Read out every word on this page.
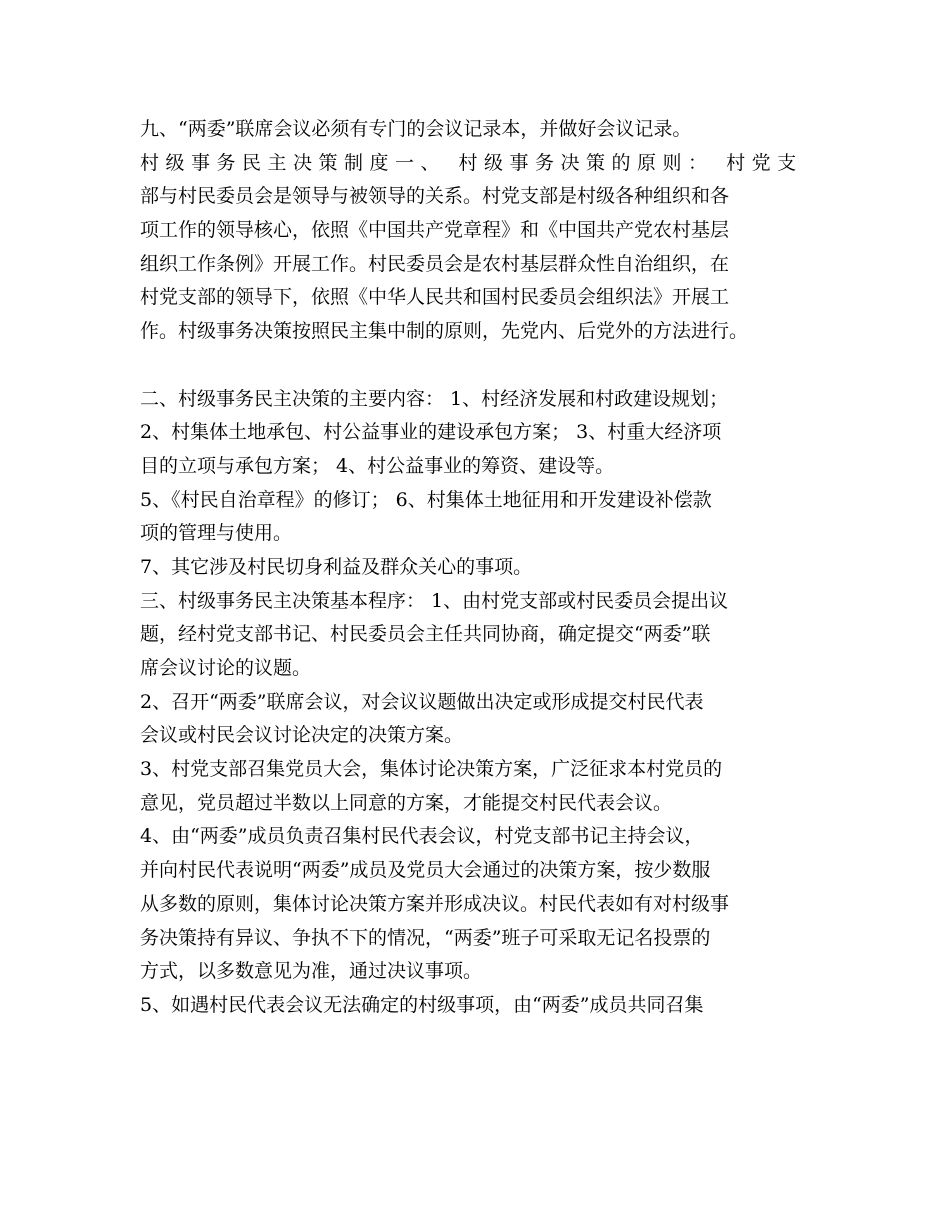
九、“两委”联席会议必须有专门的会议记录本，并做好会议记录。
村级事务民主决策制度一、 村级事务决策的原则： 村党支
部与村民委员会是领导与被领导的关系。村党支部是村级各种组织和各
项工作的领导核心，依照《中国共产党章程》和《中国共产党农村基层
组织工作条例》开展工作。村民委员会是农村基层群众性自治组织，在
村党支部的领导下，依照《中华人民共和国村民委员会组织法》开展工
作。村级事务决策按照民主集中制的原则，先党内、后党外的方法进行。
二、村级事务民主决策的主要内容： 1、村经济发展和村政建设规划；
2、村集体土地承包、村公益事业的建设承包方案； 3、村重大经济项
目的立项与承包方案； 4、村公益事业的筹资、建设等。
5、《村民自治章程》的修订； 6、村集体土地征用和开发建设补偿款
项的管理与使用。
7、其它涉及村民切身利益及群众关心的事项。
三、村级事务民主决策基本程序： 1、由村党支部或村民委员会提出议
题，经村党支部书记、村民委员会主任共同协商，确定提交“两委”联
席会议讨论的议题。
2、召开“两委”联席会议，对会议议题做出决定或形成提交村民代表
会议或村民会议讨论决定的决策方案。
3、村党支部召集党员大会，集体讨论决策方案，广泛征求本村党员的
意见，党员超过半数以上同意的方案，才能提交村民代表会议。
4、由“两委”成员负责召集村民代表会议，村党支部书记主持会议，
并向村民代表说明“两委”成员及党员大会通过的决策方案，按少数服
从多数的原则，集体讨论决策方案并形成决议。村民代表如有对村级事
务决策持有异议、争执不下的情况，“两委”班子可采取无记名投票的
方式，以多数意见为准，通过决议事项。
5、如遇村民代表会议无法确定的村级事项，由“两委”成员共同召集
